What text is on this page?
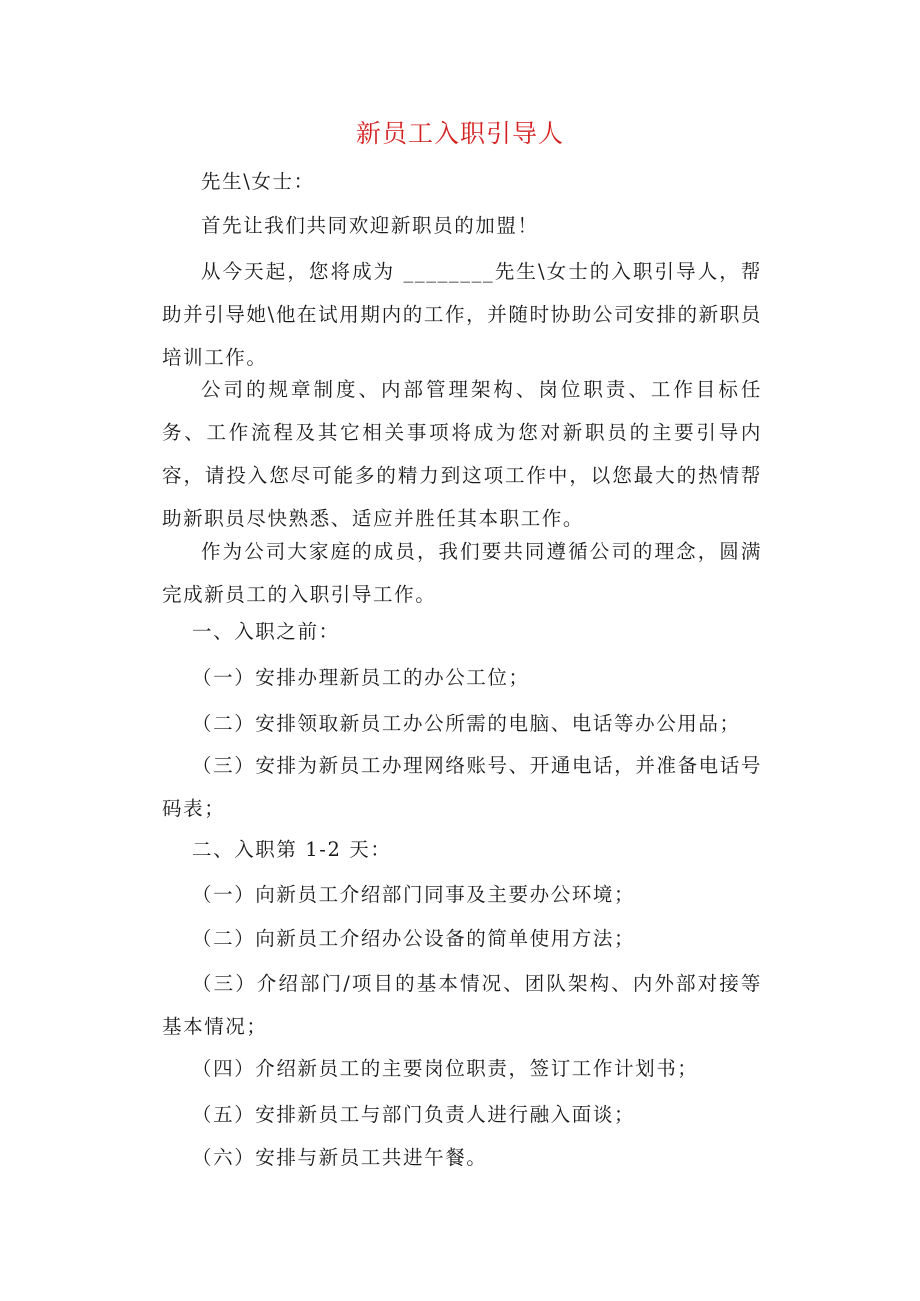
新员工入职引导人
先生\女士：
首先让我们共同欢迎新职员的加盟！
从今天起，您将成为 ________先生\女士的入职引导人，帮助并引导她\他在试用期内的工作，并随时协助公司安排的新职员培训工作。
公司的规章制度、内部管理架构、岗位职责、工作目标任务、工作流程及其它相关事项将成为您对新职员的主要引导内容，请投入您尽可能多的精力到这项工作中，以您最大的热情帮助新职员尽快熟悉、适应并胜任其本职工作。
作为公司大家庭的成员，我们要共同遵循公司的理念，圆满完成新员工的入职引导工作。
一、入职之前：
（一）安排办理新员工的办公工位；
（二）安排领取新员工办公所需的电脑、电话等办公用品；
（三）安排为新员工办理网络账号、开通电话，并准备电话号码表；
二、入职第 1-2 天：
（一）向新员工介绍部门同事及主要办公环境；
（二）向新员工介绍办公设备的简单使用方法；
（三）介绍部门/项目的基本情况、团队架构、内外部对接等基本情况；
（四）介绍新员工的主要岗位职责，签订工作计划书；
（五）安排新员工与部门负责人进行融入面谈；
（六）安排与新员工共进午餐。
